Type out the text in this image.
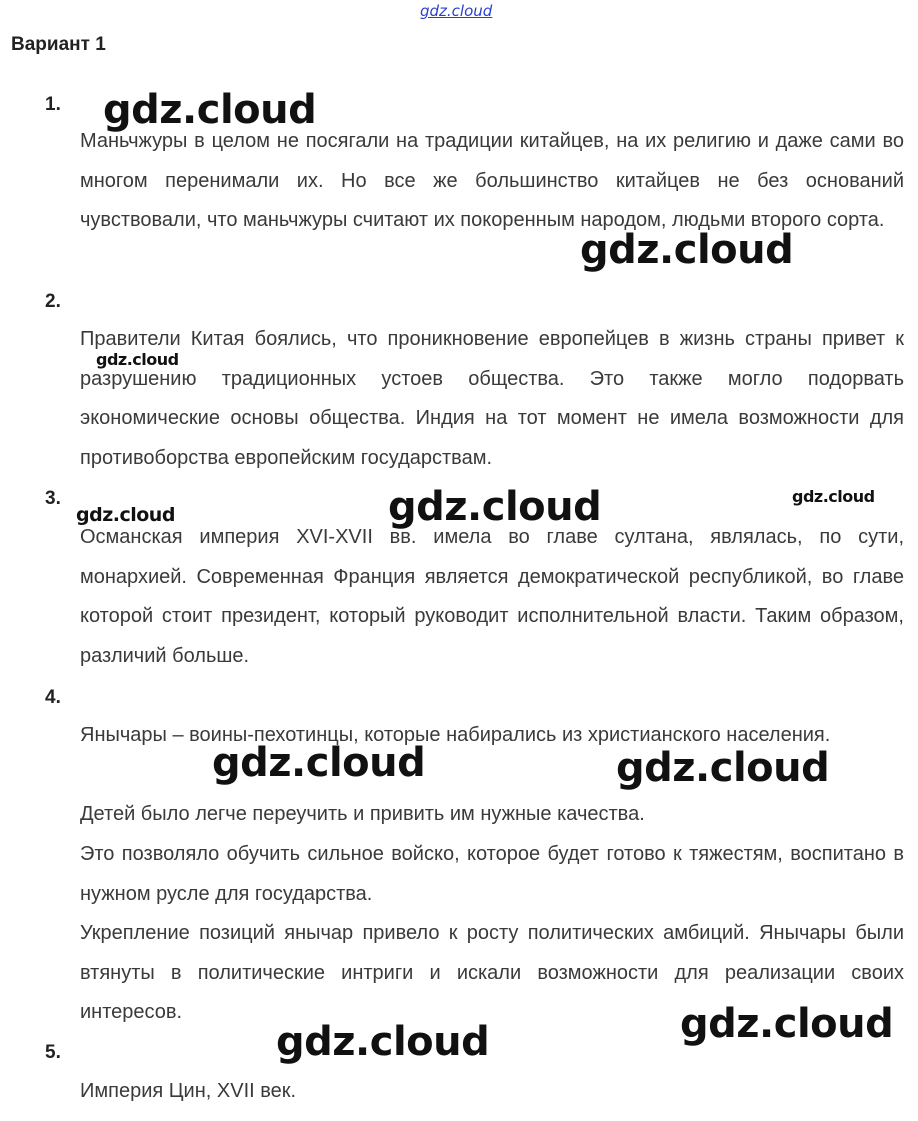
gdz.cloud
Вариант 1
1.

Маньчжуры в целом не посягали на традиции китайцев, на их религию и даже сами во многом перенимали их. Но все же большинство китайцев не без оснований чувствовали, что маньчжуры считают их покоренным народом, людьми второго сорта.

2.

Правители Китая боялись, что проникновение европейцев в жизнь страны привет к разрушению традиционных устоев общества. Это также могло подорвать экономические основы общества. Индия на тот момент не имела возможности для противоборства европейским государствам.

3.

Османская империя XVI-XVII вв. имела во главе султана, являлась, по сути, монархией. Современная Франция является демократической республикой, во главе которой стоит президент, который руководит исполнительной власти. Таким образом, различий больше.

4.

Янычары – воины-пехотинцы, которые набирались из христианского населения.

Детей было легче переучить и привить им нужные качества.

Это позволяло обучить сильное войско, которое будет готово к тяжестям, воспитано в нужном русле для государства.

Укрепление позиций янычар привело к росту политических амбиций. Янычары были втянуты в политические интриги и искали возможности для реализации своих интересов.

5.

Империя Цин, XVII век.

gdz.cloud
gdz.cloud
gdz.cloud
gdz.cloud	gdz.cloud
gdz.cloud
gdz.cloud	gdz.cloud
gdz.cloud
gdz.cloud
